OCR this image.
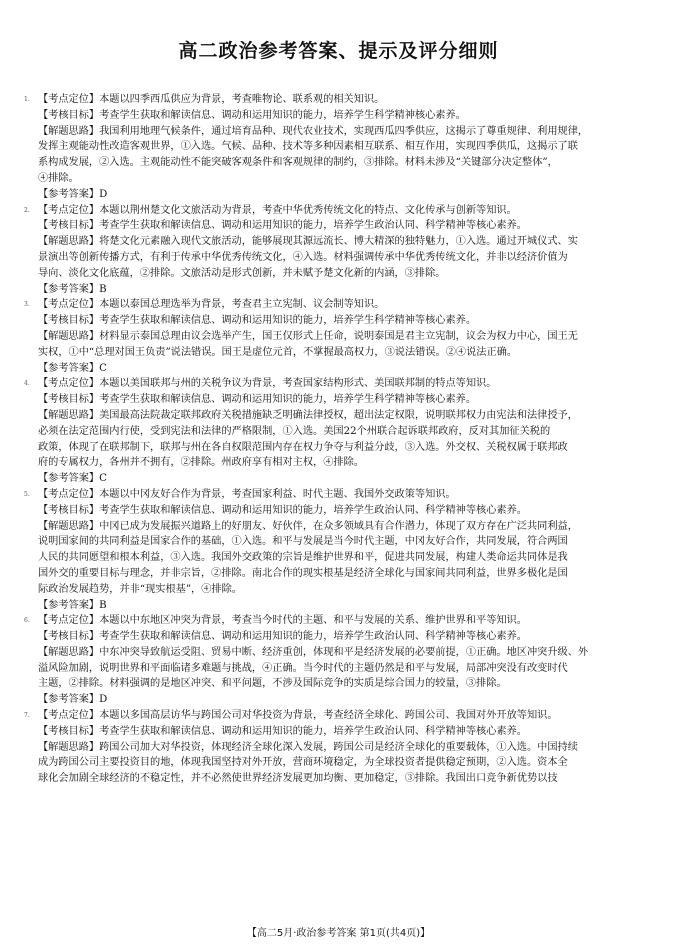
高二政治参考答案、提示及评分细则
1. 【考点定位】本题以四季西瓜供应为背景，考查唯物论、联系观的相关知识。
【考核目标】考查学生获取和解读信息、调动和运用知识的能力，培养学生科学精神核心素养。
【解题思路】我国利用地理气候条件，通过培育品种、现代农业技术，实现西瓜四季供应，这揭示了尊重规律、利用规律，
发挥主观能动性改造客观世界，①入选。气候、品种、技术等多种因素相互联系、相互作用，实现四季供瓜，这揭示了联
系构成发展，②入选。主观能动性不能突破客观条件和客观规律的制约，③排除。材料未涉及“关键部分决定整体”，
④排除。
【参考答案】D
2. 【考点定位】本题以荆州楚文化文旅活动为背景，考查中华优秀传统文化的特点、文化传承与创新等知识。
【考核目标】考查学生获取和解读信息、调动和运用知识的能力，培养学生政治认同、科学精神等核心素养。
【解题思路】将楚文化元素融入现代文旅活动，能够展现其源远流长、博大精深的独特魅力，①入选。通过开城仪式、实
景演出等创新传播方式，有利于传承中华优秀传统文化，④入选。材料强调传承中华优秀传统文化，并非以经济价值为
导向、淡化文化底蕴，②排除。文旅活动是形式创新，并未赋予楚文化新的内涵，③排除。
【参考答案】B
3. 【考点定位】本题以泰国总理选举为背景，考查君主立宪制、议会制等知识。
【考核目标】考查学生获取和解读信息、调动和运用知识的能力，培养学生科学精神等核心素养。
【解题思路】材料显示泰国总理由议会选举产生，国王仅形式上任命，说明泰国是君主立宪制，议会为权力中心，国王无
实权，①中“总理对国王负责”说法错误。国王是虚位元首，不掌握最高权力，③说法错误。②④说法正确。
【参考答案】C
4. 【考点定位】本题以美国联邦与州的关税争议为背景，考查国家结构形式、美国联邦制的特点等知识。
【考核目标】考查学生获取和解读信息、调动和运用知识的能力，培养学生科学精神等核心素养。
【解题思路】美国最高法院裁定联邦政府关税措施缺乏明确法律授权，超出法定权限，说明联邦权力由宪法和法律授予，
必须在法定范围内行使，受到宪法和法律的严格限制，①入选。美国22个州联合起诉联邦政府，反对其加征关税的
政策，体现了在联邦制下，联邦与州在各自权限范围内存在权力争夺与利益分歧，③入选。外交权、关税权属于联邦政
府的专属权力，各州并不拥有，②排除。州政府享有相对主权，④排除。
【参考答案】C
5. 【考点定位】本题以中冈友好合作为背景，考查国家利益、时代主题、我国外交政策等知识。
【考核目标】考查学生获取和解读信息、调动和运用知识的能力，培养学生政治认同、科学精神等核心素养。
【解题思路】中冈已成为发展振兴道路上的好朋友、好伙伴，在众多领域具有合作潜力，体现了双方存在广泛共同利益，
说明国家间的共同利益是国家合作的基础，①入选。和平与发展是当今时代主题，中冈友好合作，共同发展，符合两国
人民的共同愿望和根本利益，③入选。我国外交政策的宗旨是维护世界和平，促进共同发展，构建人类命运共同体是我
国外交的重要目标与理念，并非宗旨，②排除。南北合作的现实根基是经济全球化与国家间共同利益，世界多极化是国
际政治发展趋势，并非“现实根基”，④排除。
【参考答案】B
6. 【考点定位】本题以中东地区冲突为背景，考查当今时代的主题、和平与发展的关系、维护世界和平等知识。
【考核目标】考查学生获取和解读信息、调动和运用知识的能力，培养学生政治认同、科学精神等核心素养。
【解题思路】中东冲突导致航运受阻、贸易中断、经济重创，体现和平是经济发展的必要前提，①正确。地区冲突升级、外
溢风险加剧，说明世界和平面临诸多难题与挑战，④正确。当今时代的主题仍然是和平与发展，局部冲突没有改变时代
主题，②排除。材料强调的是地区冲突、和平问题，不涉及国际竞争的实质是综合国力的较量，③排除。
【参考答案】D
7. 【考点定位】本题以多国高层访华与跨国公司对华投资为背景，考查经济全球化、跨国公司、我国对外开放等知识。
【考核目标】考查学生获取和解读信息、调动和运用知识的能力，培养学生政治认同、科学精神等核心素养。
【解题思路】跨国公司加大对华投资，体现经济全球化深入发展，跨国公司是经济全球化的重要载体，①入选。中国持续
成为跨国公司主要投资目的地，体现我国坚持对外开放，营商环境稳定，为全球投资者提供稳定预期，②入选。资本全
球化会加剧全球经济的不稳定性，并不必然使世界经济发展更加均衡、更加稳定，③排除。我国出口竞争新优势以技
【高二5月·政治参考答案 第1页(共4页)】
